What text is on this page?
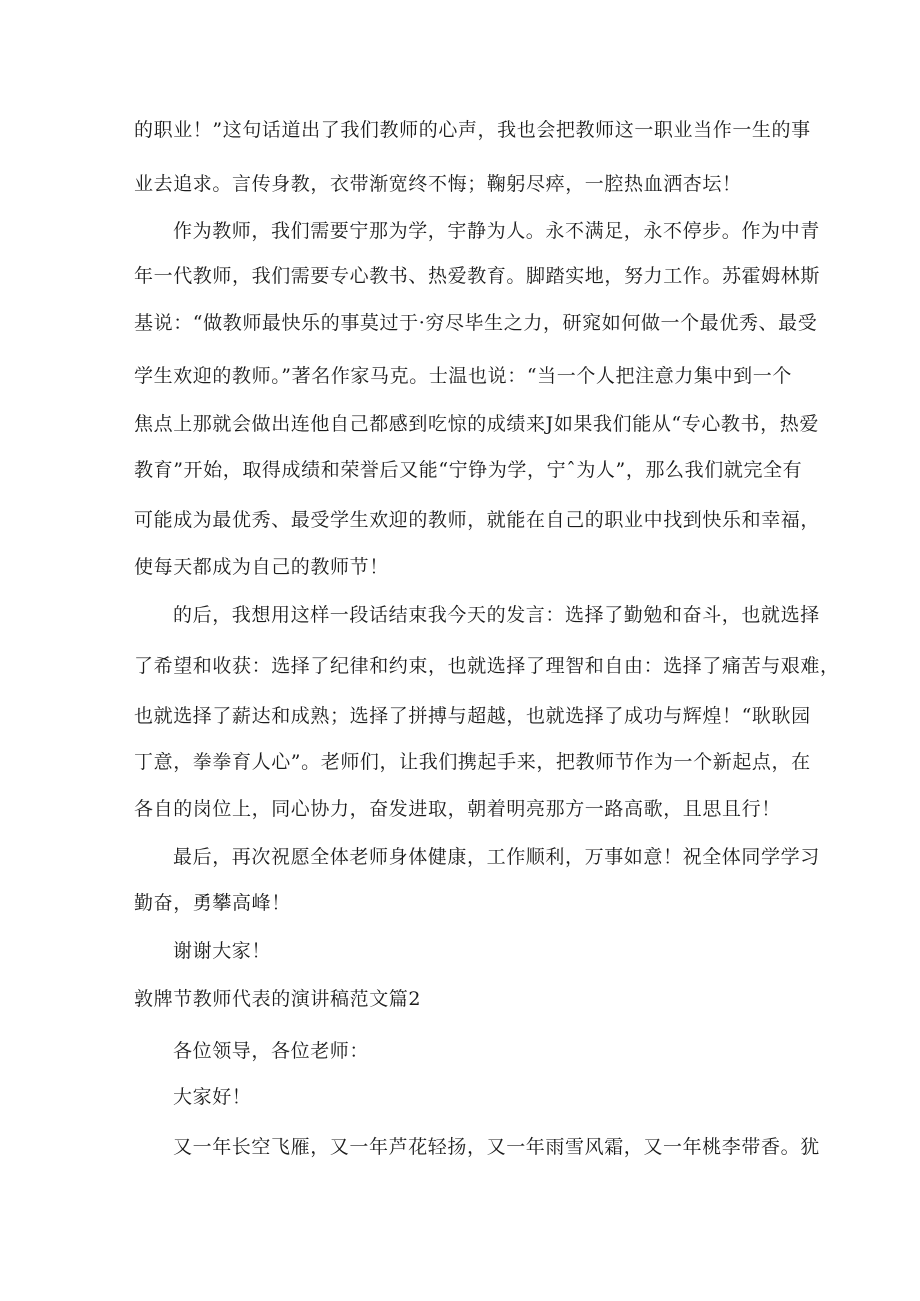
的职业！”这句话道出了我们教师的心声，我也会把教师这一职业当作一生的事
业去追求。言传身教，衣带渐宽终不悔；鞠躬尽瘁，一腔热血洒杏坛！
作为教师，我们需要宁那为学，宇静为人。永不满足，永不停步。作为中青
年一代教师，我们需要专心教书、热爱教育。脚踏实地，努力工作。苏霍姆林斯
基说：“做教师最快乐的事莫过于·穷尽毕生之力，研窕如何做一个最优秀、最受
学生欢迎的教师。”著名作家马克。士温也说：“当一个人把注意力集中到一个
焦点上那就会做出连他自己都感到吃惊的成绩来J如果我们能从“专心教书，热爱
教育”开始，取得成绩和荣誉后又能“宁铮为学，宁ˆ为人”，那么我们就完全有
可能成为最优秀、最受学生欢迎的教师，就能在自己的职业中找到快乐和幸福，
使每天都成为自己的教师节！
的后，我想用这样一段话结束我今天的发言：选择了勤勉和奋斗，也就选择
了希望和收获：选择了纪律和约束，也就选择了理智和自由：选择了痛苦与艰难，
也就选择了薪达和成熟；选择了拼搏与超越，也就选择了成功与辉煌！“耿耿园
丁意，拳拳育人心”。老师们，让我们携起手来，把教师节作为一个新起点，在
各自的岗位上，同心协力，奋发进取，朝着明亮那方一路高歌，且思且行！
最后，再次祝愿全体老师身体健康，工作顺利，万事如意！祝全体同学学习
勤奋，勇攀高峰！
谢谢大家！
敦牌节教师代表的演讲稿范文篇2
各位领导，各位老师：
大家好！
又一年长空飞雁，又一年芦花轻扬，又一年雨雪风霜，又一年桃李带香。犹
